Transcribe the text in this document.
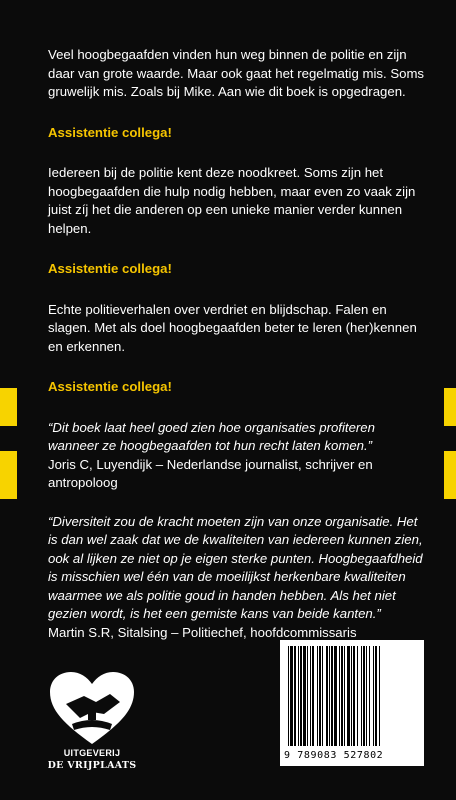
Veel hoogbegaafden vinden hun weg binnen de politie en zijn daar van grote waarde. Maar ook gaat het regelmatig mis. Soms gruwelijk mis. Zoals bij Mike. Aan wie dit boek is opgedragen.

Assistentie collega!

Iedereen bij de politie kent deze noodkreet. Soms zijn het hoogbegaafden die hulp nodig hebben, maar even zo vaak zijn juist zíj het die anderen op een unieke manier verder kunnen helpen.

Assistentie collega!

Echte politieverhalen over verdriet en blijdschap. Falen en slagen. Met als doel hoogbegaafden beter te leren (her)kennen en erkennen.

Assistentie collega!

“Dit boek laat heel goed zien hoe organisaties profiteren wanneer ze hoogbegaafden tot hun recht laten komen.”

Joris C, Luyendijk – Nederlandse journalist, schrijver en antropoloog

“Diversiteit zou de kracht moeten zijn van onze organisatie. Het is dan wel zaak dat we de kwaliteiten van iedereen kunnen zien, ook al lijken ze niet op je eigen sterke punten. Hoogbegaafdheid is misschien wel één van de moeilijkst herkenbare kwaliteiten waarmee we als politie goud in handen hebben. Als het niet gezien wordt, is het een gemiste kans van beide kanten.”

Martin S.R, Sitalsing – Politiechef, hoofdcommissaris

UITGEVERIJ
DE VRIJPLAATS
9 789083 527802
